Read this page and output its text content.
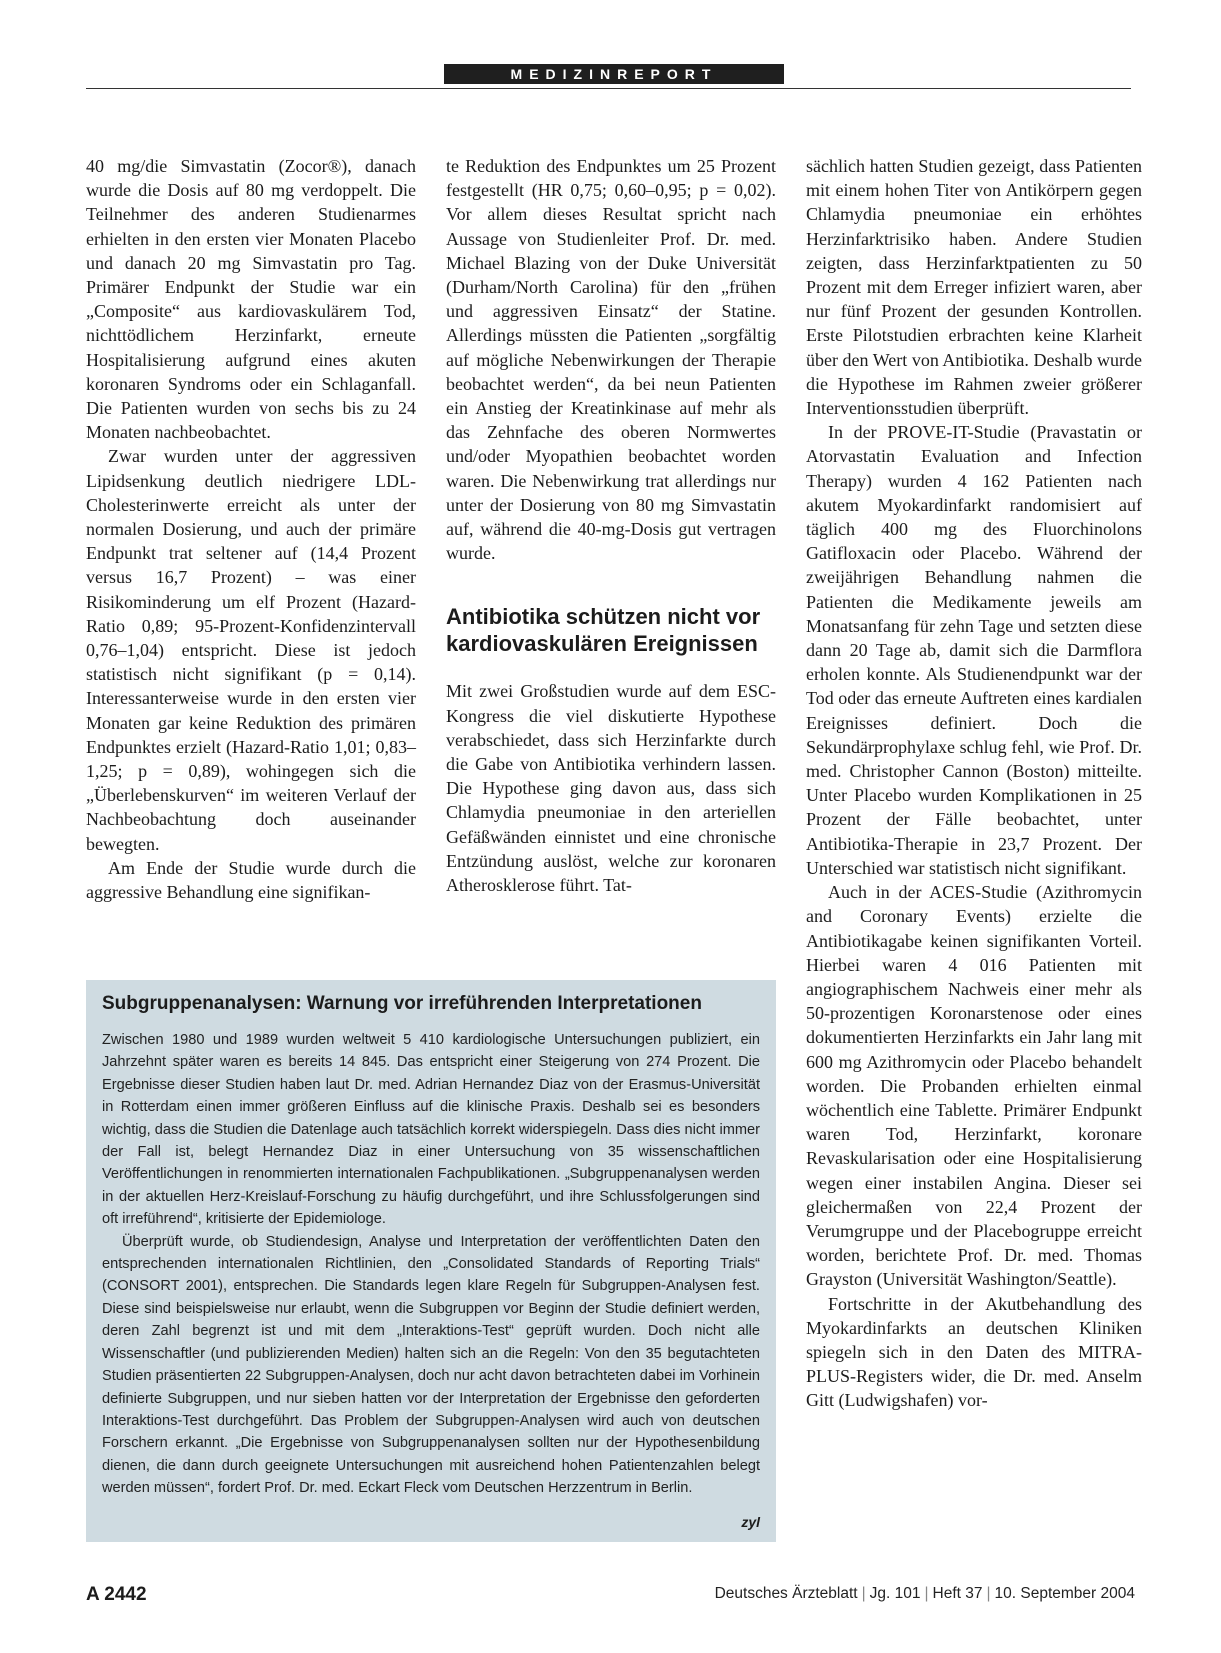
MEDIZINREPORT

40 mg/die Simvastatin (Zocor®), danach wurde die Dosis auf 80 mg verdoppelt. Die Teilnehmer des anderen Studienarmes erhielten in den ersten vier Monaten Placebo und danach 20 mg Simvastatin pro Tag. Primärer Endpunkt der Studie war ein „Composite“ aus kardiovaskulärem Tod, nichttödlichem Herzinfarkt, erneute Hospitalisierung aufgrund eines akuten koronaren Syndroms oder ein Schlaganfall. Die Patienten wurden von sechs bis zu 24 Monaten nachbeobachtet.

Zwar wurden unter der aggressiven Lipidsenkung deutlich niedrigere LDL-Cholesterinwerte erreicht als unter der normalen Dosierung, und auch der primäre Endpunkt trat seltener auf (14,4 Prozent versus 16,7 Prozent) – was einer Risikominderung um elf Prozent (Hazard-Ratio 0,89; 95-Prozent-Konfidenzintervall 0,76–1,04) entspricht. Diese ist jedoch statistisch nicht signifikant (p = 0,14). Interessanterweise wurde in den ersten vier Monaten gar keine Reduktion des primären Endpunktes erzielt (Hazard-Ratio 1,01; 0,83–1,25; p = 0,89), wohingegen sich die „Überlebenskurven“ im weiteren Verlauf der Nachbeobachtung doch auseinander bewegten.

Am Ende der Studie wurde durch die aggressive Behandlung eine signifikan-

te Reduktion des Endpunktes um 25 Prozent festgestellt (HR 0,75; 0,60–0,95; p = 0,02). Vor allem dieses Resultat spricht nach Aussage von Studienleiter Prof. Dr. med. Michael Blazing von der Duke Universität (Durham/North Carolina) für den „frühen und aggressiven Einsatz“ der Statine. Allerdings müssten die Patienten „sorgfältig auf mögliche Nebenwirkungen der Therapie beobachtet werden“, da bei neun Patienten ein Anstieg der Kreatinkinase auf mehr als das Zehnfache des oberen Normwertes und/oder Myopathien beobachtet worden waren. Die Nebenwirkung trat allerdings nur unter der Dosierung von 80 mg Simvastatin auf, während die 40-mg-Dosis gut vertragen wurde.

Antibiotika schützen nicht vor kardiovaskulären Ereignissen

Mit zwei Großstudien wurde auf dem ESC-Kongress die viel diskutierte Hypothese verabschiedet, dass sich Herzinfarkte durch die Gabe von Antibiotika verhindern lassen. Die Hypothese ging davon aus, dass sich Chlamydia pneumoniae in den arteriellen Gefäßwänden einnistet und eine chronische Entzündung auslöst, welche zur koronaren Atherosklerose führt. Tat-

sächlich hatten Studien gezeigt, dass Patienten mit einem hohen Titer von Antikörpern gegen Chlamydia pneumoniae ein erhöhtes Herzinfarktrisiko haben. Andere Studien zeigten, dass Herzinfarktpatienten zu 50 Prozent mit dem Erreger infiziert waren, aber nur fünf Prozent der gesunden Kontrollen. Erste Pilotstudien erbrachten keine Klarheit über den Wert von Antibiotika. Deshalb wurde die Hypothese im Rahmen zweier größerer Interventionsstudien überprüft.

In der PROVE-IT-Studie (Pravastatin or Atorvastatin Evaluation and Infection Therapy) wurden 4 162 Patienten nach akutem Myokardinfarkt randomisiert auf täglich 400 mg des Fluorchinolons Gatifloxacin oder Placebo. Während der zweijährigen Behandlung nahmen die Patienten die Medikamente jeweils am Monatsanfang für zehn Tage und setzten diese dann 20 Tage ab, damit sich die Darmflora erholen konnte. Als Studienendpunkt war der Tod oder das erneute Auftreten eines kardialen Ereignisses definiert. Doch die Sekundärprophylaxe schlug fehl, wie Prof. Dr. med. Christopher Cannon (Boston) mitteilte. Unter Placebo wurden Komplikationen in 25 Prozent der Fälle beobachtet, unter Antibiotika-Therapie in 23,7 Prozent. Der Unterschied war statistisch nicht signifikant.

Auch in der ACES-Studie (Azithromycin and Coronary Events) erzielte die Antibiotikagabe keinen signifikanten Vorteil. Hierbei waren 4 016 Patienten mit angiographischem Nachweis einer mehr als 50-prozentigen Koronarstenose oder eines dokumentierten Herzinfarkts ein Jahr lang mit 600 mg Azithromycin oder Placebo behandelt worden. Die Probanden erhielten einmal wöchentlich eine Tablette. Primärer Endpunkt waren Tod, Herzinfarkt, koronare Revaskularisation oder eine Hospitalisierung wegen einer instabilen Angina. Dieser sei gleichermaßen von 22,4 Prozent der Verumgruppe und der Placebogruppe erreicht worden, berichtete Prof. Dr. med. Thomas Grayston (Universität Washington/Seattle).

Fortschritte in der Akutbehandlung des Myokardinfarkts an deutschen Kliniken spiegeln sich in den Daten des MITRA-PLUS-Registers wider, die Dr. med. Anselm Gitt (Ludwigshafen) vor-

Subgruppenanalysen: Warnung vor irreführenden Interpretationen

Zwischen 1980 und 1989 wurden weltweit 5 410 kardiologische Untersuchungen publiziert, ein Jahrzehnt später waren es bereits 14 845. Das entspricht einer Steigerung von 274 Prozent. Die Ergebnisse dieser Studien haben laut Dr. med. Adrian Hernandez Diaz von der Erasmus-Universität in Rotterdam einen immer größeren Einfluss auf die klinische Praxis. Deshalb sei es besonders wichtig, dass die Studien die Datenlage auch tatsächlich korrekt widerspiegeln. Dass dies nicht immer der Fall ist, belegt Hernandez Diaz in einer Untersuchung von 35 wissenschaftlichen Veröffentlichungen in renommierten internationalen Fachpublikationen. „Subgruppenanalysen werden in der aktuellen Herz-Kreislauf-Forschung zu häufig durchgeführt, und ihre Schlussfolgerungen sind oft irreführend“, kritisierte der Epidemiologe.

Überprüft wurde, ob Studiendesign, Analyse und Interpretation der veröffentlichten Daten den entsprechenden internationalen Richtlinien, den „Consolidated Standards of Reporting Trials“ (CONSORT 2001), entsprechen. Die Standards legen klare Regeln für Subgruppen-Analysen fest. Diese sind beispielsweise nur erlaubt, wenn die Subgruppen vor Beginn der Studie definiert werden, deren Zahl begrenzt ist und mit dem „Interaktions-Test“ geprüft wurden. Doch nicht alle Wissenschaftler (und publizierenden Medien) halten sich an die Regeln: Von den 35 begutachteten Studien präsentierten 22 Subgruppen-Analysen, doch nur acht davon betrachteten dabei im Vorhinein definierte Subgruppen, und nur sieben hatten vor der Interpretation der Ergebnisse den geforderten Interaktions-Test durchgeführt. Das Problem der Subgruppen-Analysen wird auch von deutschen Forschern erkannt. „Die Ergebnisse von Subgruppenanalysen sollten nur der Hypothesenbildung dienen, die dann durch geeignete Untersuchungen mit ausreichend hohen Patientenzahlen belegt werden müssen“, fordert Prof. Dr. med. Eckart Fleck vom Deutschen Herzzentrum in Berlin.

zyl
A 2442	Deutsches Ärzteblatt | Jg. 101 | Heft 37 | 10. September 2004
